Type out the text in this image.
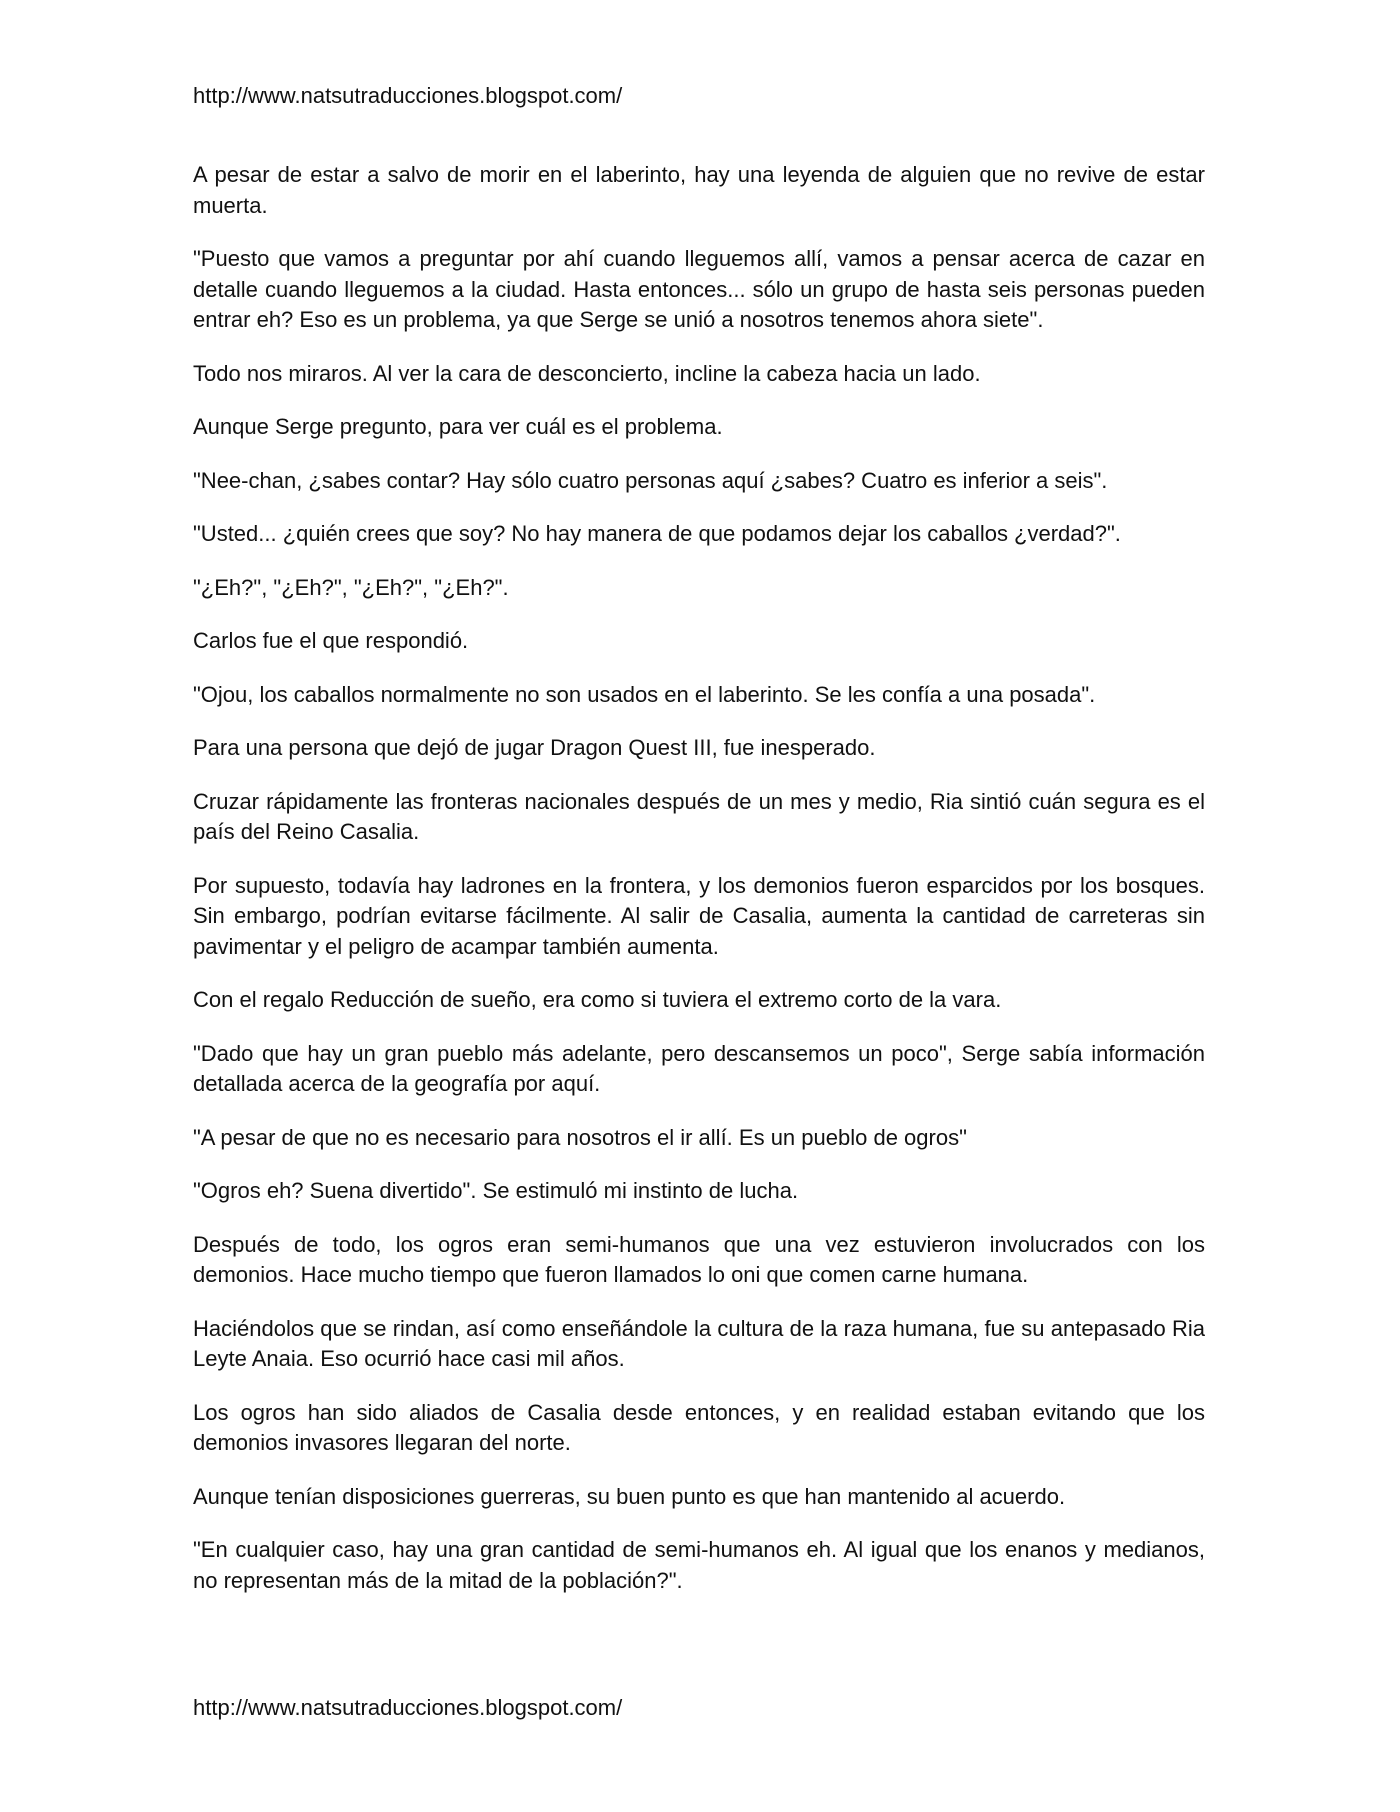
http://www.natsutraducciones.blogspot.com/

A pesar de estar a salvo de morir en el laberinto, hay una leyenda de alguien que no revive de estar muerta.

"Puesto que vamos a preguntar por ahí cuando lleguemos allí, vamos a pensar acerca de cazar en detalle cuando lleguemos a la ciudad. Hasta entonces... sólo un grupo de hasta seis personas pueden entrar eh? Eso es un problema, ya que Serge se unió a nosotros tenemos ahora siete".

Todo nos miraros. Al ver la cara de desconcierto, incline la cabeza hacia un lado.

Aunque Serge pregunto, para ver cuál es el problema.

"Nee-chan, ¿sabes contar? Hay sólo cuatro personas aquí ¿sabes? Cuatro es inferior a seis".

"Usted... ¿quién crees que soy? No hay manera de que podamos dejar los caballos ¿verdad?".

"¿Eh?", "¿Eh?", "¿Eh?", "¿Eh?".

Carlos fue el que respondió.

"Ojou, los caballos normalmente no son usados en el laberinto. Se les confía a una posada".

Para una persona que dejó de jugar Dragon Quest III, fue inesperado.

Cruzar rápidamente las fronteras nacionales después de un mes y medio, Ria sintió cuán segura es el país del Reino Casalia.

Por supuesto, todavía hay ladrones en la frontera, y los demonios fueron esparcidos por los bosques. Sin embargo, podrían evitarse fácilmente. Al salir de Casalia, aumenta la cantidad de carreteras sin pavimentar y el peligro de acampar también aumenta.

Con el regalo Reducción de sueño, era como si tuviera el extremo corto de la vara.

"Dado que hay un gran pueblo más adelante, pero descansemos un poco", Serge sabía información detallada acerca de la geografía por aquí.

"A pesar de que no es necesario para nosotros el ir allí. Es un pueblo de ogros"

"Ogros eh? Suena divertido". Se estimuló mi instinto de lucha.

Después de todo, los ogros eran semi-humanos que una vez estuvieron involucrados con los demonios. Hace mucho tiempo que fueron llamados lo oni que comen carne humana.

Haciéndolos que se rindan, así como enseñándole la cultura de la raza humana, fue su antepasado Ria Leyte Anaia. Eso ocurrió hace casi mil años.

Los ogros han sido aliados de Casalia desde entonces, y en realidad estaban evitando que los demonios invasores llegaran del norte.

Aunque tenían disposiciones guerreras, su buen punto es que han mantenido al acuerdo.

"En cualquier caso, hay una gran cantidad de semi-humanos eh. Al igual que los enanos y medianos, no representan más de la mitad de la población?".

http://www.natsutraducciones.blogspot.com/
